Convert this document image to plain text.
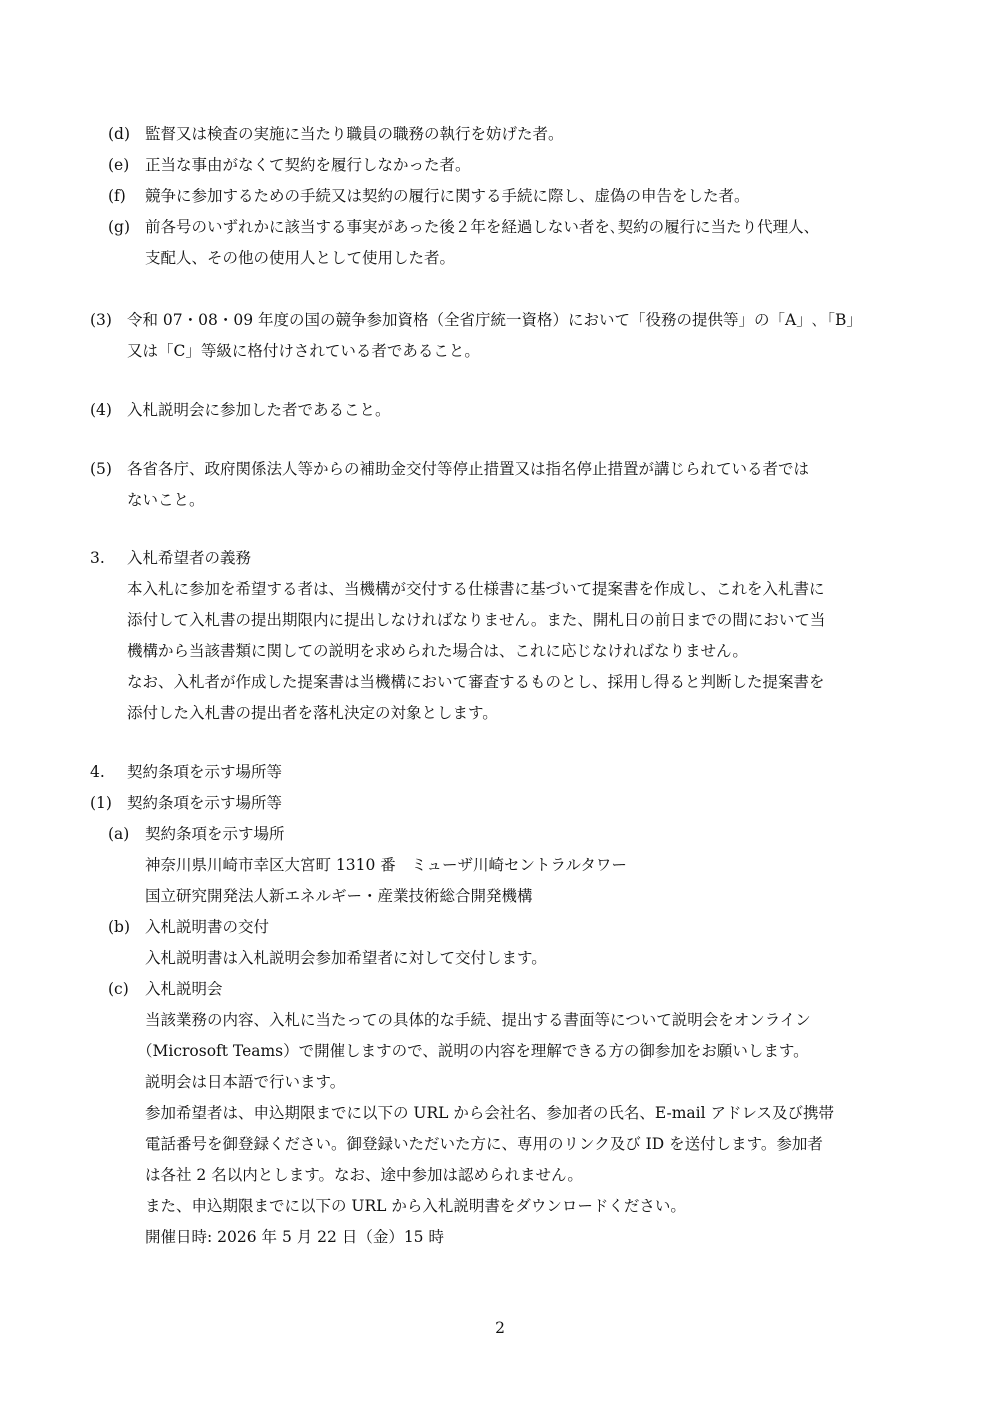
(d) 監督又は検査の実施に当たり職員の職務の執行を妨げた者。
(e) 正当な事由がなくて契約を履行しなかった者。
(f) 競争に参加するための手続又は契約の履行に関する手続に際し、虚偽の申告をした者。
(g) 前各号のいずれかに該当する事実があった後２年を経過しない者を､契約の履行に当たり代理人、
支配人、その他の使用人として使用した者。
(3) 令和 07・08・09 年度の国の競争参加資格（全省庁統一資格）において「役務の提供等」の「A」､「B」
又は「C」等級に格付けされている者であること。
(4) 入札説明会に参加した者であること。
(5) 各省各庁、政府関係法人等からの補助金交付等停止措置又は指名停止措置が講じられている者では
ないこと。
3. 入札希望者の義務
本入札に参加を希望する者は、当機構が交付する仕様書に基づいて提案書を作成し、これを入札書に
添付して入札書の提出期限内に提出しなければなりません。また、開札日の前日までの間において当
機構から当該書類に関しての説明を求められた場合は、これに応じなければなりません。
なお、入札者が作成した提案書は当機構において審査するものとし、採用し得ると判断した提案書を
添付した入札書の提出者を落札決定の対象とします。
4. 契約条項を示す場所等
(1) 契約条項を示す場所等
(a) 契約条項を示す場所
神奈川県川崎市幸区大宮町 1310 番　ミューザ川崎セントラルタワー
国立研究開発法人新エネルギー・産業技術総合開発機構
(b) 入札説明書の交付
入札説明書は入札説明会参加希望者に対して交付します。
(c) 入札説明会
当該業務の内容、入札に当たっての具体的な手続、提出する書面等について説明会をオンライン
（Microsoft Teams）で開催しますので、説明の内容を理解できる方の御参加をお願いします。
説明会は日本語で行います。
参加希望者は、申込期限までに以下の URL から会社名、参加者の氏名、E-mail アドレス及び携帯
電話番号を御登録ください。御登録いただいた方に、専用のリンク及び ID を送付します。参加者
は各社 2 名以内とします。なお、途中参加は認められません。
また、申込期限までに以下の URL から入札説明書をダウンロードください。
開催日時: 2026 年 5 月 22 日（金）15 時
2
